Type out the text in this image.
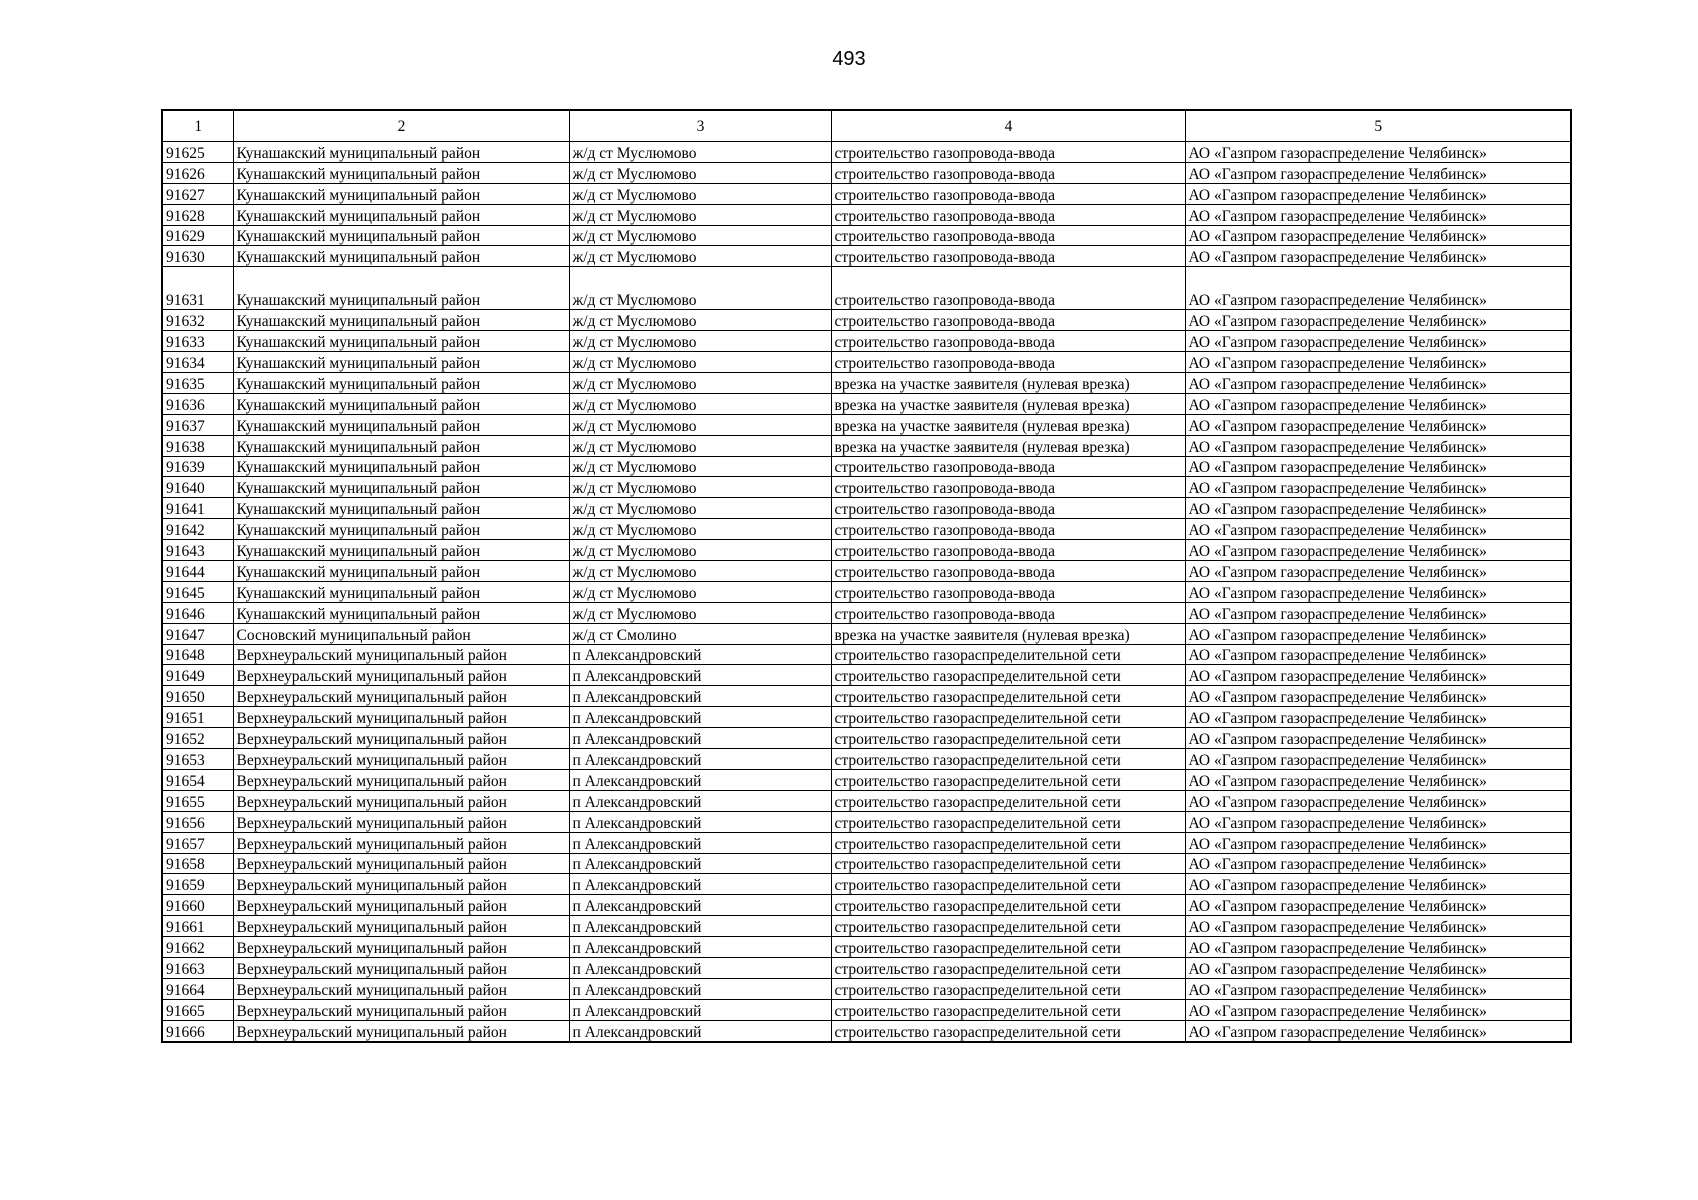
493
1	2	3	4	5
91625	Кунашакский муниципальный район	ж/д ст Муслюмово	строительство газопровода-ввода	АО «Газпром газораспределение Челябинск»
91626	Кунашакский муниципальный район	ж/д ст Муслюмово	строительство газопровода-ввода	АО «Газпром газораспределение Челябинск»
91627	Кунашакский муниципальный район	ж/д ст Муслюмово	строительство газопровода-ввода	АО «Газпром газораспределение Челябинск»
91628	Кунашакский муниципальный район	ж/д ст Муслюмово	строительство газопровода-ввода	АО «Газпром газораспределение Челябинск»
91629	Кунашакский муниципальный район	ж/д ст Муслюмово	строительство газопровода-ввода	АО «Газпром газораспределение Челябинск»
91630	Кунашакский муниципальный район	ж/д ст Муслюмово	строительство газопровода-ввода	АО «Газпром газораспределение Челябинск»
91631	Кунашакский муниципальный район	ж/д ст Муслюмово	строительство газопровода-ввода	АО «Газпром газораспределение Челябинск»
91632	Кунашакский муниципальный район	ж/д ст Муслюмово	строительство газопровода-ввода	АО «Газпром газораспределение Челябинск»
91633	Кунашакский муниципальный район	ж/д ст Муслюмово	строительство газопровода-ввода	АО «Газпром газораспределение Челябинск»
91634	Кунашакский муниципальный район	ж/д ст Муслюмово	строительство газопровода-ввода	АО «Газпром газораспределение Челябинск»
91635	Кунашакский муниципальный район	ж/д ст Муслюмово	врезка на участке заявителя (нулевая врезка)	АО «Газпром газораспределение Челябинск»
91636	Кунашакский муниципальный район	ж/д ст Муслюмово	врезка на участке заявителя (нулевая врезка)	АО «Газпром газораспределение Челябинск»
91637	Кунашакский муниципальный район	ж/д ст Муслюмово	врезка на участке заявителя (нулевая врезка)	АО «Газпром газораспределение Челябинск»
91638	Кунашакский муниципальный район	ж/д ст Муслюмово	врезка на участке заявителя (нулевая врезка)	АО «Газпром газораспределение Челябинск»
91639	Кунашакский муниципальный район	ж/д ст Муслюмово	строительство газопровода-ввода	АО «Газпром газораспределение Челябинск»
91640	Кунашакский муниципальный район	ж/д ст Муслюмово	строительство газопровода-ввода	АО «Газпром газораспределение Челябинск»
91641	Кунашакский муниципальный район	ж/д ст Муслюмово	строительство газопровода-ввода	АО «Газпром газораспределение Челябинск»
91642	Кунашакский муниципальный район	ж/д ст Муслюмово	строительство газопровода-ввода	АО «Газпром газораспределение Челябинск»
91643	Кунашакский муниципальный район	ж/д ст Муслюмово	строительство газопровода-ввода	АО «Газпром газораспределение Челябинск»
91644	Кунашакский муниципальный район	ж/д ст Муслюмово	строительство газопровода-ввода	АО «Газпром газораспределение Челябинск»
91645	Кунашакский муниципальный район	ж/д ст Муслюмово	строительство газопровода-ввода	АО «Газпром газораспределение Челябинск»
91646	Кунашакский муниципальный район	ж/д ст Муслюмово	строительство газопровода-ввода	АО «Газпром газораспределение Челябинск»
91647	Сосновский муниципальный район	ж/д ст Смолино	врезка на участке заявителя (нулевая врезка)	АО «Газпром газораспределение Челябинск»
91648	Верхнеуральский муниципальный район	п Александровский	строительство газораспределительной сети	АО «Газпром газораспределение Челябинск»
91649	Верхнеуральский муниципальный район	п Александровский	строительство газораспределительной сети	АО «Газпром газораспределение Челябинск»
91650	Верхнеуральский муниципальный район	п Александровский	строительство газораспределительной сети	АО «Газпром газораспределение Челябинск»
91651	Верхнеуральский муниципальный район	п Александровский	строительство газораспределительной сети	АО «Газпром газораспределение Челябинск»
91652	Верхнеуральский муниципальный район	п Александровский	строительство газораспределительной сети	АО «Газпром газораспределение Челябинск»
91653	Верхнеуральский муниципальный район	п Александровский	строительство газораспределительной сети	АО «Газпром газораспределение Челябинск»
91654	Верхнеуральский муниципальный район	п Александровский	строительство газораспределительной сети	АО «Газпром газораспределение Челябинск»
91655	Верхнеуральский муниципальный район	п Александровский	строительство газораспределительной сети	АО «Газпром газораспределение Челябинск»
91656	Верхнеуральский муниципальный район	п Александровский	строительство газораспределительной сети	АО «Газпром газораспределение Челябинск»
91657	Верхнеуральский муниципальный район	п Александровский	строительство газораспределительной сети	АО «Газпром газораспределение Челябинск»
91658	Верхнеуральский муниципальный район	п Александровский	строительство газораспределительной сети	АО «Газпром газораспределение Челябинск»
91659	Верхнеуральский муниципальный район	п Александровский	строительство газораспределительной сети	АО «Газпром газораспределение Челябинск»
91660	Верхнеуральский муниципальный район	п Александровский	строительство газораспределительной сети	АО «Газпром газораспределение Челябинск»
91661	Верхнеуральский муниципальный район	п Александровский	строительство газораспределительной сети	АО «Газпром газораспределение Челябинск»
91662	Верхнеуральский муниципальный район	п Александровский	строительство газораспределительной сети	АО «Газпром газораспределение Челябинск»
91663	Верхнеуральский муниципальный район	п Александровский	строительство газораспределительной сети	АО «Газпром газораспределение Челябинск»
91664	Верхнеуральский муниципальный район	п Александровский	строительство газораспределительной сети	АО «Газпром газораспределение Челябинск»
91665	Верхнеуральский муниципальный район	п Александровский	строительство газораспределительной сети	АО «Газпром газораспределение Челябинск»
91666	Верхнеуральский муниципальный район	п Александровский	строительство газораспределительной сети	АО «Газпром газораспределение Челябинск»
